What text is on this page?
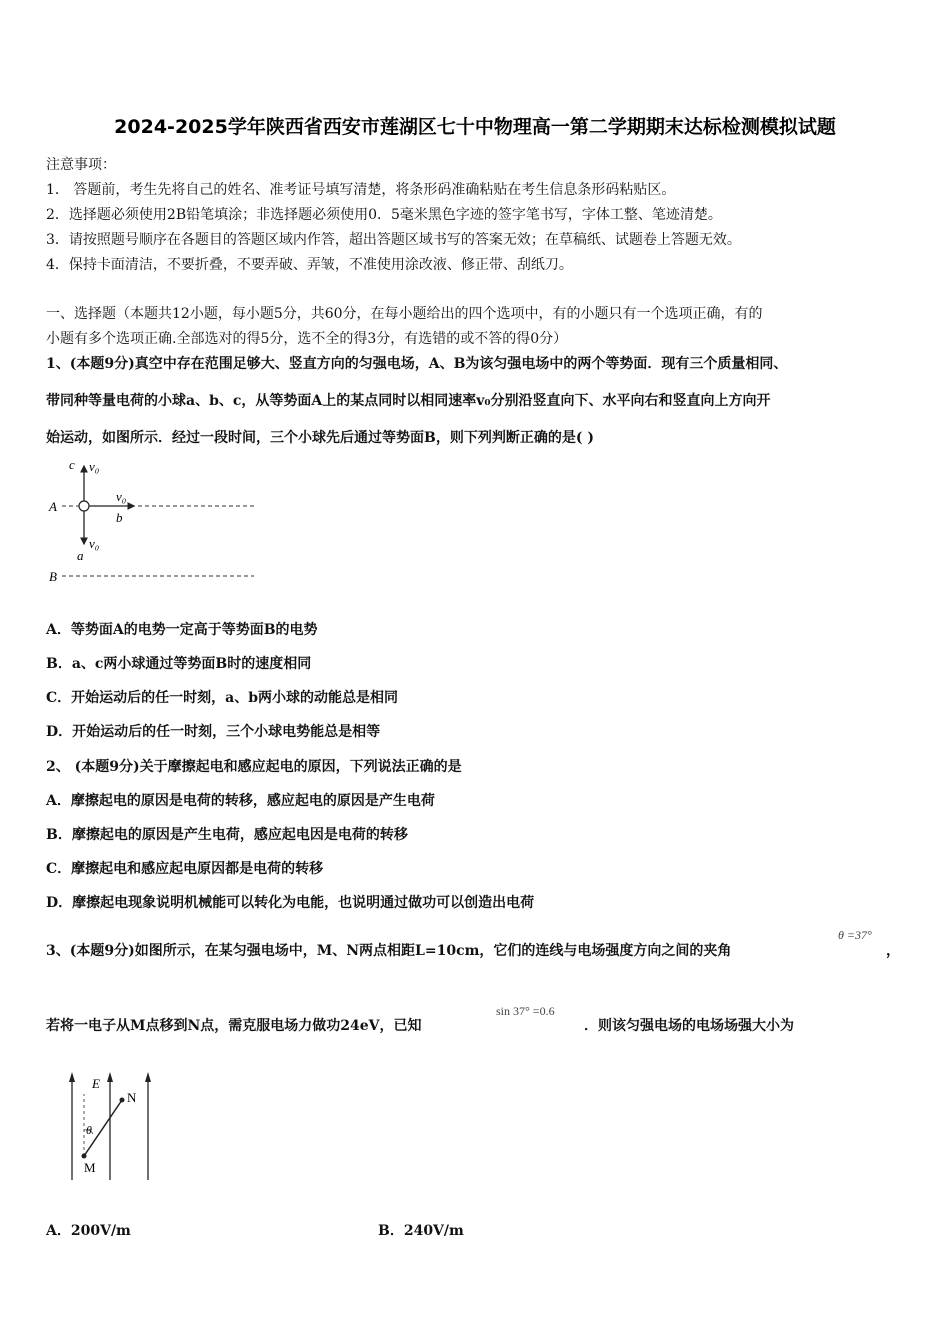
2024-2025学年陕西省西安市莲湖区七十中物理高一第二学期期末达标检测模拟试题
注意事项：
1． 答题前，考生先将自己的姓名、准考证号填写清楚，将条形码准确粘贴在考生信息条形码粘贴区。
2．选择题必须使用2B铅笔填涂；非选择题必须使用0．5毫米黑色字迹的签字笔书写，字体工整、笔迹清楚。
3．请按照题号顺序在各题目的答题区域内作答，超出答题区域书写的答案无效；在草稿纸、试题卷上答题无效。
4．保持卡面清洁，不要折叠，不要弄破、弄皱，不准使用涂改液、修正带、刮纸刀。
一、选择题（本题共12小题，每小题5分，共60分，在每小题给出的四个选项中，有的小题只有一个选项正确，有的
小题有多个选项正确.全部选对的得5分，选不全的得3分，有选错的或不答的得0分）
1、(本题9分)真空中存在范围足够大、竖直方向的匀强电场，A、B为该匀强电场中的两个等势面．现有三个质量相同、
带同种等量电荷的小球a、b、c，从等势面A上的某点同时以相同速率v₀分别沿竖直向下、水平向右和竖直向上方向开
始运动，如图所示．经过一段时间，三个小球先后通过等势面B，则下列判断正确的是( )
c v₀
A
v₀
b
v₀
a
B
A．等势面A的电势一定高于等势面B的电势
B．a、c两小球通过等势面B时的速度相同
C．开始运动后的任一时刻，a、b两小球的动能总是相同
D．开始运动后的任一时刻，三个小球电势能总是相等
2、 (本题9分)关于摩擦起电和感应起电的原因，下列说法正确的是
A．摩擦起电的原因是电荷的转移，感应起电的原因是产生电荷
B．摩擦起电的原因是产生电荷，感应起电因是电荷的转移
C．摩擦起电和感应起电原因都是电荷的转移
D．摩擦起电现象说明机械能可以转化为电能，也说明通过做功可以创造出电荷
3、(本题9分)如图所示，在某匀强电场中，M、N两点相距L=10cm，它们的连线与电场强度方向之间的夹角
θ =37°
，
若将一电子从M点移到N点，需克服电场力做功24eV，已知
sin 37° =0.6
．则该匀强电场的电场场强大小为
E
N
θ
M
A．200V/m	B．240V/m
